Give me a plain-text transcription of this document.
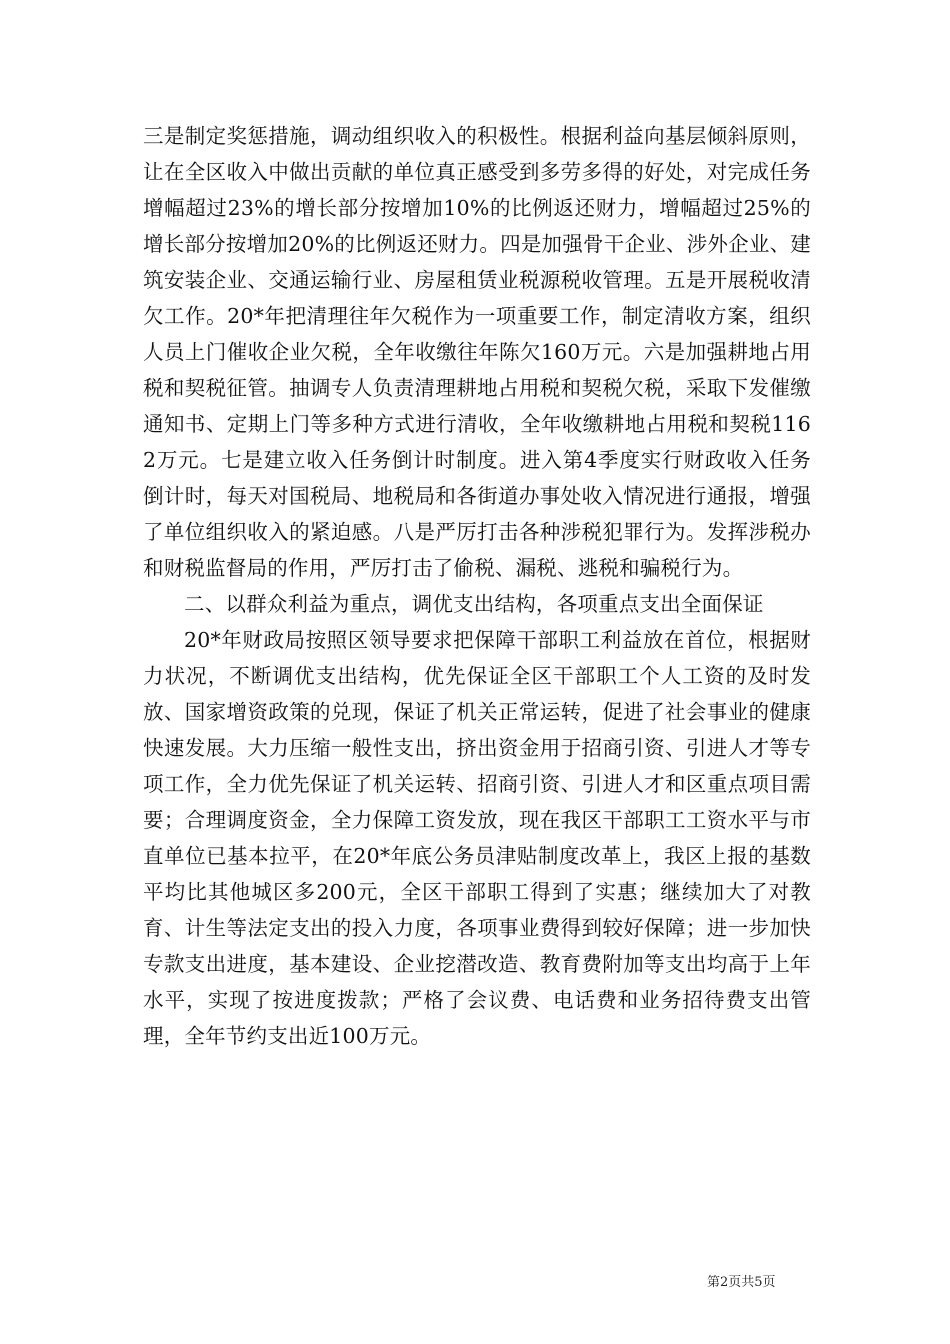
三是制定奖惩措施，调动组织收入的积极性。根据利益向基层倾斜原则，让在全区收入中做出贡献的单位真正感受到多劳多得的好处，对完成任务增幅超过23%的增长部分按增加10%的比例返还财力，增幅超过25%的增长部分按增加20%的比例返还财力。四是加强骨干企业、涉外企业、建筑安装企业、交通运输行业、房屋租赁业税源税收管理。五是开展税收清欠工作。20*年把清理往年欠税作为一项重要工作，制定清收方案，组织人员上门催收企业欠税，全年收缴往年陈欠160万元。六是加强耕地占用税和契税征管。抽调专人负责清理耕地占用税和契税欠税，采取下发催缴通知书、定期上门等多种方式进行清收，全年收缴耕地占用税和契税1162万元。七是建立收入任务倒计时制度。进入第4季度实行财政收入任务倒计时，每天对国税局、地税局和各街道办事处收入情况进行通报，增强了单位组织收入的紧迫感。八是严厉打击各种涉税犯罪行为。发挥涉税办和财税监督局的作用，严厉打击了偷税、漏税、逃税和骗税行为。

二、以群众利益为重点，调优支出结构，各项重点支出全面保证

20*年财政局按照区领导要求把保障干部职工利益放在首位，根据财力状况，不断调优支出结构，优先保证全区干部职工个人工资的及时发放、国家增资政策的兑现，保证了机关正常运转，促进了社会事业的健康快速发展。大力压缩一般性支出，挤出资金用于招商引资、引进人才等专项工作，全力优先保证了机关运转、招商引资、引进人才和区重点项目需要；合理调度资金，全力保障工资发放，现在我区干部职工工资水平与市直单位已基本拉平，在20*年底公务员津贴制度改革上，我区上报的基数平均比其他城区多200元，全区干部职工得到了实惠；继续加大了对教育、计生等法定支出的投入力度，各项事业费得到较好保障；进一步加快专款支出进度，基本建设、企业挖潜改造、教育费附加等支出均高于上年水平，实现了按进度拨款；严格了会议费、电话费和业务招待费支出管理，全年节约支出近100万元。

第2页共5页
